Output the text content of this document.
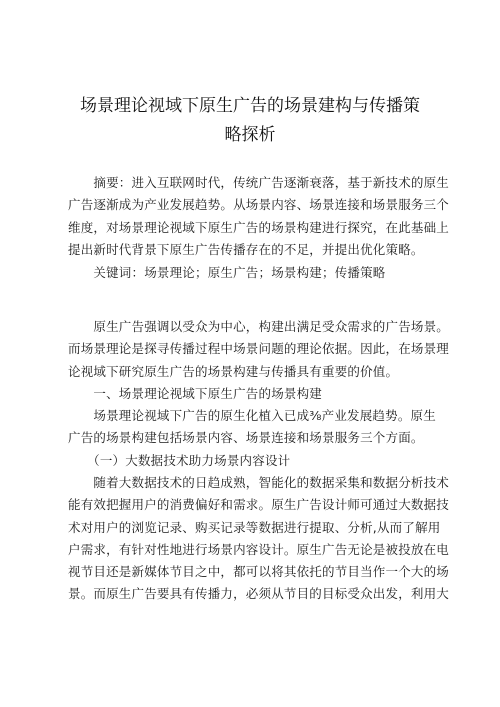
场景理论视域下原生广告的场景建构与传播策
略探析

　　摘要：进入互联网时代，传统广告逐渐衰落，基于新技术的原生
广告逐渐成为产业发展趋势。从场景内容、场景连接和场景服务三个
维度，对场景理论视域下原生广告的场景构建进行探究，在此基础上
提出新时代背景下原生广告传播存在的不足，并提出优化策略。

　　关键词：场景理论；原生广告；场景构建；传播策略

　　原生广告强调以受众为中心，构建出满足受众需求的广告场景。
而场景理论是探寻传播过程中场景问题的理论依据。因此，在场景理
论视域下研究原生广告的场景构建与传播具有重要的价值。

　　一、场景理论视域下原生广告的场景构建

　　场景理论视域下广告的原生化植入已成⅜产业发展趋势。原生
广告的场景构建包括场景内容、场景连接和场景服务三个方面。

　　（一）大数据技术助力场景内容设计

　　随着大数据技术的日趋成熟，智能化的数据采集和数据分析技术
能有效把握用户的消费偏好和需求。原生广告设计师可通过大数据技
术对用户的浏览记录、购买记录等数据进行提取、分析,从而了解用
户需求，有针对性地进行场景内容设计。原生广告无论是被投放在电
视节目还是新媒体节目之中，都可以将其依托的节目当作一个大的场
景。而原生广告要具有传播力，必须从节目的目标受众出发，利用大
